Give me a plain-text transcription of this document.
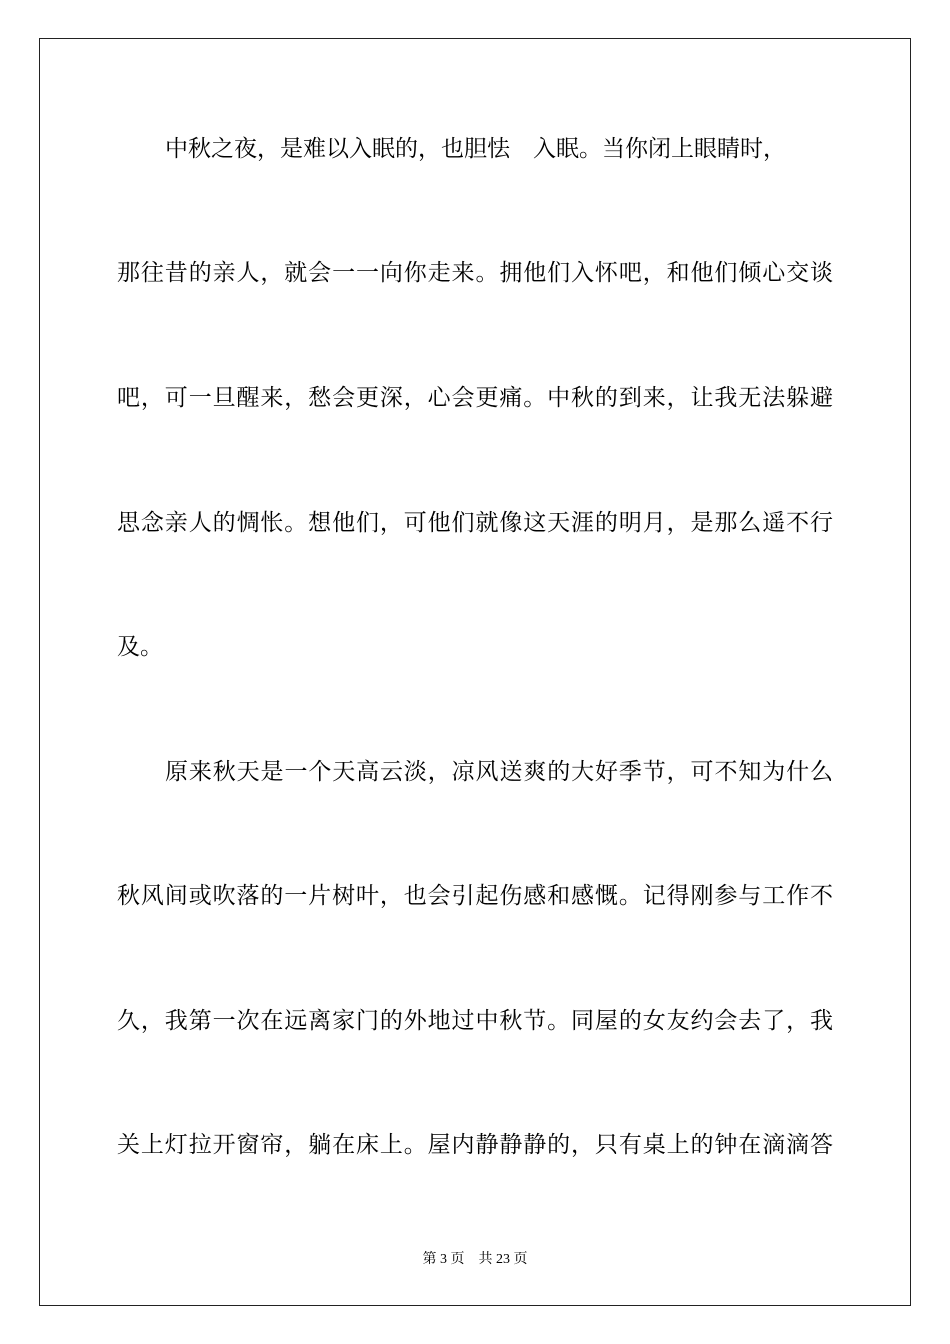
中秋之夜，是难以入眠的，也胆怯　入眠。当你闭上眼睛时，
那往昔的亲人，就会一一向你走来。拥他们入怀吧，和他们倾心交谈
吧，可一旦醒来，愁会更深，心会更痛。中秋的到来，让我无法躲避
思念亲人的惆怅。想他们，可他们就像这天涯的明月，是那么遥不行
及。
原来秋天是一个天高云淡，凉风送爽的大好季节，可不知为什么
秋风间或吹落的一片树叶，也会引起伤感和感慨。记得刚参与工作不
久，我第一次在远离家门的外地过中秋节。同屋的女友约会去了，我
关上灯拉开窗帘，躺在床上。屋内静静静的，只有桌上的钟在滴滴答
第 3 页　共 23 页
